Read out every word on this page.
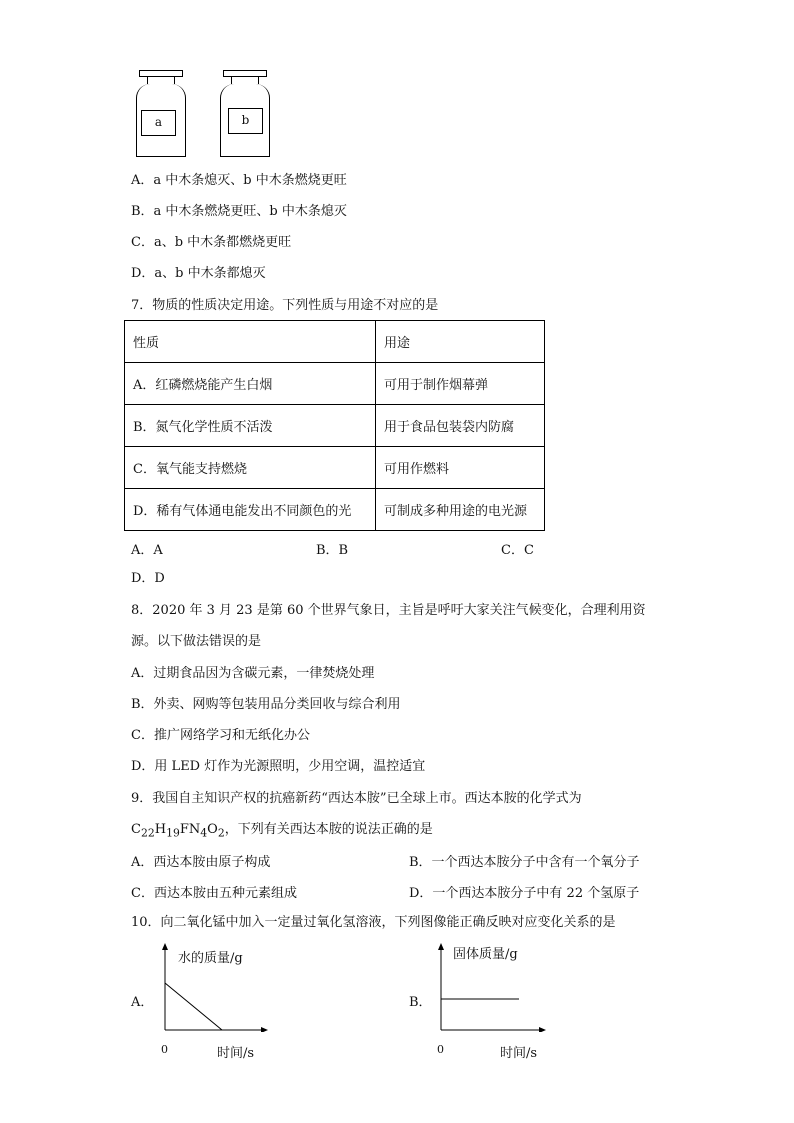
a	b
A．a 中木条熄灭、b 中木条燃烧更旺
B．a 中木条燃烧更旺、b 中木条熄灭
C．a、b 中木条都燃烧更旺
D．a、b 中木条都熄灭
7．物质的性质决定用途。下列性质与用途不对应的是
性质	用途
A．红磷燃烧能产生白烟	可用于制作烟幕弹
B．氮气化学性质不活泼	用于食品包装袋内防腐
C．氧气能支持燃烧	可用作燃料
D．稀有气体通电能发出不同颜色的光	可制成多种用途的电光源
A．A	B．B	C．C
D．D
8．2020 年 3 月 23 是第 60 个世界气象日，主旨是呼吁大家关注气候变化，合理利用资
源。以下做法错误的是
A．过期食品因为含碳元素，一律焚烧处理
B．外卖、网购等包装用品分类回收与综合利用
C．推广网络学习和无纸化办公
D．用 LED 灯作为光源照明，少用空调，温控适宜
9．我国自主知识产权的抗癌新药“西达本胺”已全球上市。西达本胺的化学式为
$C_{22}H_{19}FN_4O_2$，下列有关西达本胺的说法正确的是
A．西达本胺由原子构成	B．一个西达本胺分子中含有一个氧分子
C．西达本胺由五种元素组成	D．一个西达本胺分子中有 22 个氢原子
10．向二氧化锰中加入一定量过氧化氢溶液，下列图像能正确反映对应变化关系的是
A．
水的质量/g
0	时间/s
B．
固体质量/g
0	时间/s
